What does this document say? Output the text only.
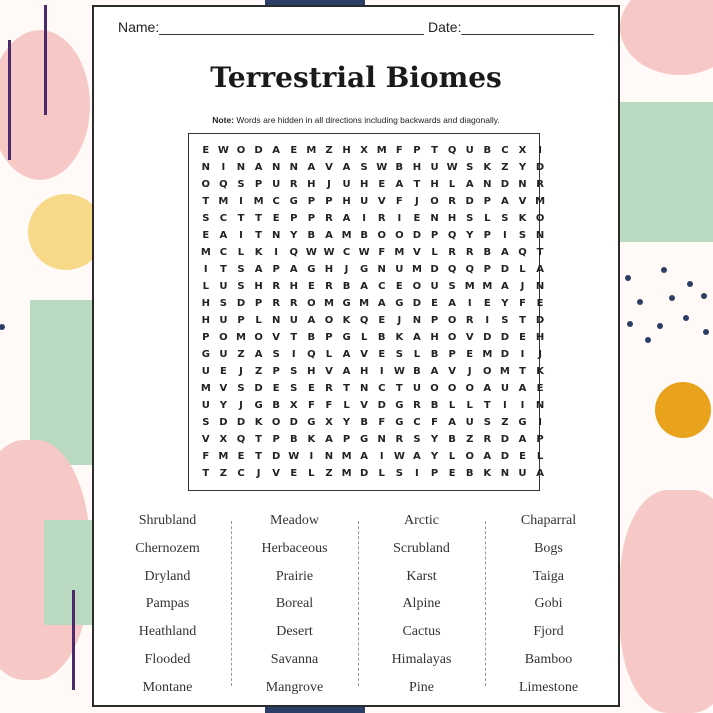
Name:__________________________________ Date:_________________
Terrestrial Biomes
Note: Words are hidden in all directions including backwards and diagonally.
E W O D A	E M Z H X M F	P	T Q U B	C	X	I
N	I	N A N N A V A	S W B H U W S	K	Z	Y D
O Q S	P U R H	J	U H E	A	T	H	L	A N D N R
T M	I	M C G P	P H U V	F	J	O R D P	A V M
S	C	T	T	E	P	P	R A	I	R	I	E N H S	L	S	K O
E	A	I	T	N Y	B A M B O O D P Q Y	P	I	S N
M C	L	K	I	Q W W C W F M V	L	R R B A Q T
I	T	S	A	P	A G H	J	G N U M D Q Q P D	L	A
L	U S H R H E	R B A	C	E O U S M M A	J	N
H S D P	R R O M G M A G D	E	A	I	E	Y	F	E
H U P	L	N U A O K Q E	J	N P O R	I	S	T	D
P O M O V	T	B	P G	L	B K A H O V D D	E H
G U Z	A	S	I	Q	L	A V	E	S	L	B	P	E M D	I	J
U	E	J	Z	P	S H V A H	I	W B A V	J	O M T	K
M V	S D	E	S	E	R	T	N C	T	U O O O A U A	E
U Y	J	G B X	F	F	L	V D G R B	L	L	T	I	I	N
S D D K O D G X	Y	B	F	G C	F	A U S	Z G	I
V X Q T	P	B K A	P G N R	S	Y	B	Z	R D A	P
F M E	T	D W	I	N M A	I	W A	Y	L	O A D	E	L
T	Z	C	J	V	E	L	Z M D	L	S	I	P	E	B K N U A
Shrubland
Chernozem
Dryland
Pampas
Heathland
Flooded
Montane
Meadow
Herbaceous
Prairie
Boreal
Desert
Savanna
Mangrove
Arctic
Scrubland
Karst
Alpine
Cactus
Himalayas
Pine
Chaparral
Bogs
Taiga
Gobi
Fjord
Bamboo
Limestone
